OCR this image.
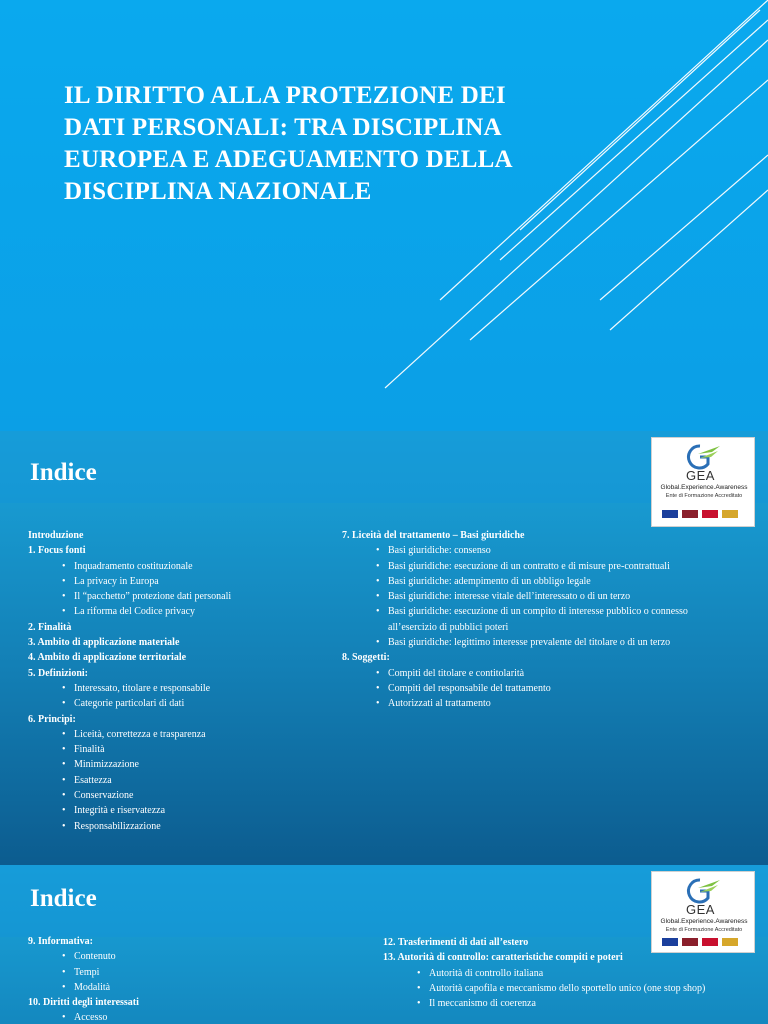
IL DIRITTO ALLA PROTEZIONE DEI DATI PERSONALI: TRA DISCIPLINA EUROPEA E ADEGUAMENTO DELLA DISCIPLINA NAZIONALE
Indice	GEA
Global.Experience.Awareness
Ente di Formazione Accreditato
Introduzione
1. Focus fonti
• Inquadramento costituzionale
• La privacy in Europa
• Il “pacchetto” protezione dati personali
• La riforma del Codice privacy
2. Finalità
3. Ambito di applicazione materiale
4. Ambito di applicazione territoriale
5. Definizioni:
• Interessato, titolare e responsabile
• Categorie particolari di dati
6. Principi:
• Liceità, correttezza e trasparenza
• Finalità
• Minimizzazione
• Esattezza
• Conservazione
• Integrità e riservatezza
• Responsabilizzazione
7. Liceità del trattamento – Basi giuridiche
• Basi giuridiche: consenso
• Basi giuridiche: esecuzione di un contratto e di misure pre-contrattuali
• Basi giuridiche: adempimento di un obbligo legale
• Basi giuridiche: interesse vitale dell’interessato o di un terzo
• Basi giuridiche: esecuzione di un compito di interesse pubblico o connesso all’esercizio di pubblici poteri
• Basi giuridiche: legittimo interesse prevalente del titolare o di un terzo
8. Soggetti:
• Compiti del titolare e contitolarità
• Compiti del responsabile del trattamento
• Autorizzati al trattamento
Indice	GEA
Global.Experience.Awareness
Ente di Formazione Accreditato
9. Informativa:
• Contenuto
• Tempi
• Modalità
10. Diritti degli interessati
• Accesso
12. Trasferimenti di dati all’estero
13. Autorità di controllo: caratteristiche compiti e poteri
• Autorità di controllo italiana
• Autorità capofila e meccanismo dello sportello unico (one stop shop)
• Il meccanismo di coerenza
